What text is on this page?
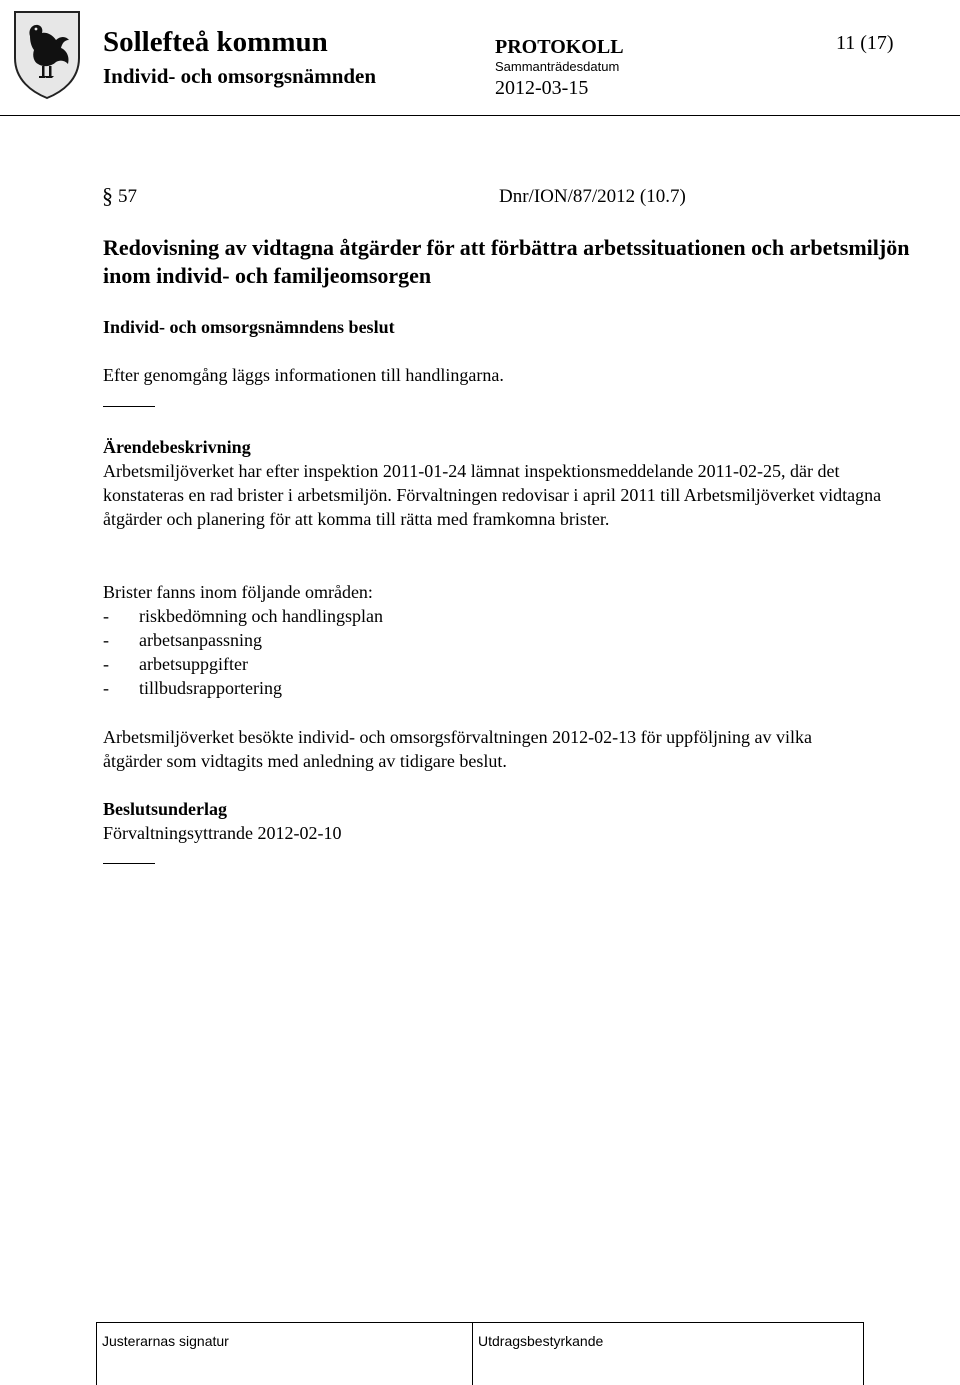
Sollefteå kommun
Individ- och omsorgsnämnden
PROTOKOLL
Sammanträdesdatum
2012-03-15
11 (17)
§ 57	Dnr/ION/87/2012 (10.7)
Redovisning av vidtagna åtgärder för att förbättra arbetssituationen och arbetsmiljön inom individ- och familjeomsorgen
Individ- och omsorgsnämndens beslut
Efter genomgång läggs informationen till handlingarna.
Ärendebeskrivning
Arbetsmiljöverket har efter inspektion 2011-01-24 lämnat inspektionsmeddelande 2011-02-25, där det konstateras en rad brister i arbetsmiljön. Förvaltningen redovisar i april 2011 till Arbetsmiljöverket vidtagna åtgärder och planering för att komma till rätta med framkomna brister.
Brister fanns inom följande områden:
- riskbedömning och handlingsplan
- arbetsanpassning
- arbetsuppgifter
- tillbudsrapportering
Arbetsmiljöverket besökte individ- och omsorgsförvaltningen 2012-02-13 för uppföljning av vilka åtgärder som vidtagits med anledning av tidigare beslut.
Beslutsunderlag
Förvaltningsyttrande 2012-02-10
Justerarnas signatur	Utdragsbestyrkande
